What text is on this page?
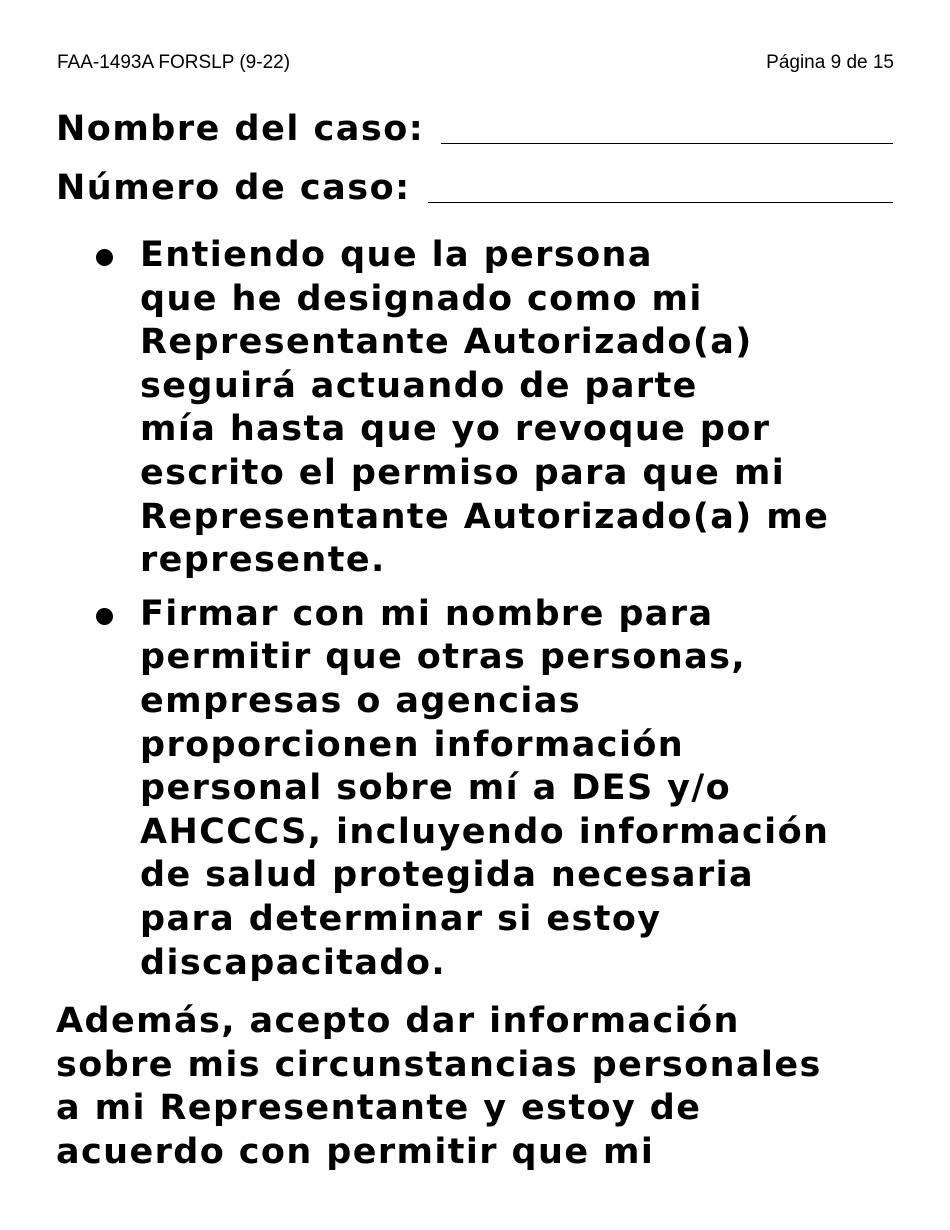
FAA-1493A FORSLP (9-22)	Página 9 de 15
Nombre del caso:
Número de caso:
Entiendo que la persona
que he designado como mi
Representante Autorizado(a)
seguirá actuando de parte
mía hasta que yo revoque por
escrito el permiso para que mi
Representante Autorizado(a) me
represente.
Firmar con mi nombre para
permitir que otras personas,
empresas o agencias
proporcionen información
personal sobre mí a DES y/o
AHCCCS, incluyendo información
de salud protegida necesaria
para determinar si estoy
discapacitado.

Además, acepto dar información
sobre mis circunstancias personales
a mi Representante y estoy de
acuerdo con permitir que mi
